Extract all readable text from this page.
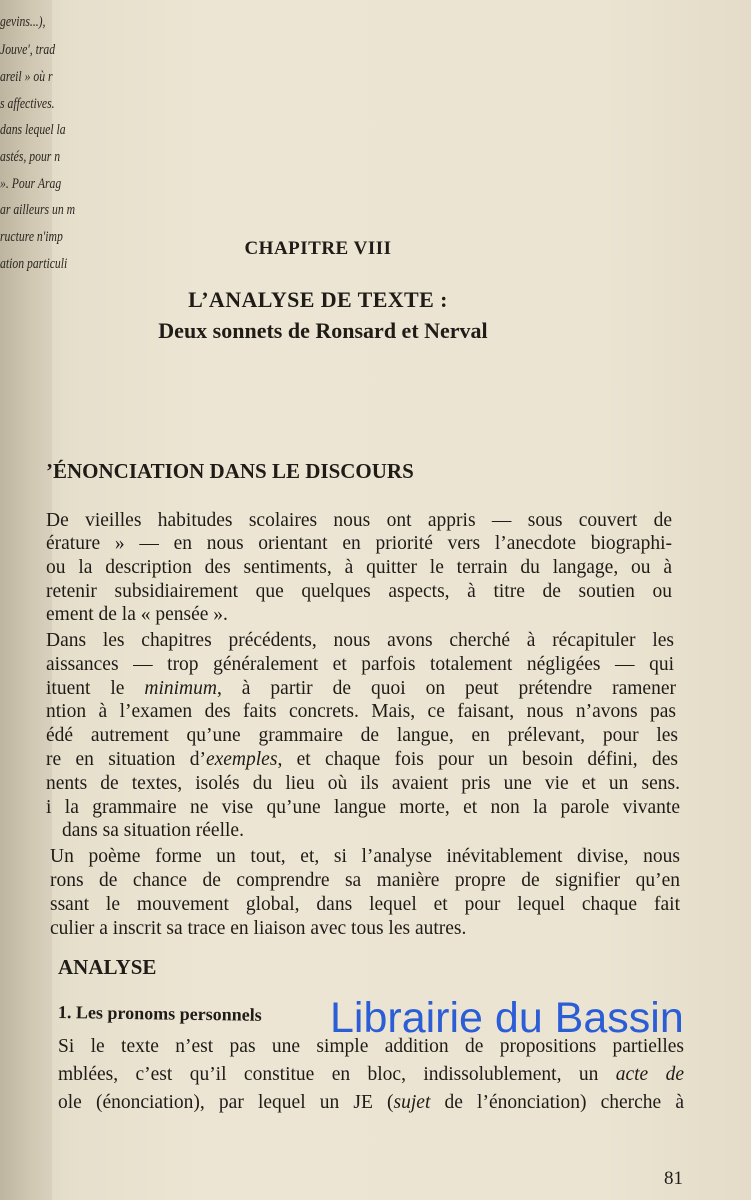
gevins...),
Jouve', trad
areil » où r
s affectives.
dans lequel la
astés, pour n
». Pour Arag
ar ailleurs un m
ructure n'imp
ation particuli
CHAPITRE VIII
L’ANALYSE DE TEXTE :
Deux sonnets de Ronsard et Nerval
’ÉNONCIATION DANS LE DISCOURS
De vieilles habitudes scolaires nous ont appris — sous couvert de
érature » — en nous orientant en priorité vers l’anecdote biographi-
ou la description des sentiments, à quitter le terrain du langage, ou à
retenir subsidiairement que quelques aspects, à titre de soutien ou
ement de la « pensée ».
Dans les chapitres précédents, nous avons cherché à récapituler les
aissances — trop généralement et parfois totalement négligées — qui
ituent le minimum, à partir de quoi on peut prétendre ramener
ntion à l’examen des faits concrets. Mais, ce faisant, nous n’avons pas
édé autrement qu’une grammaire de langue, en prélevant, pour les
re en situation d’exemples, et chaque fois pour un besoin défini, des
nents de textes, isolés du lieu où ils avaient pris une vie et un sens.
i la grammaire ne vise qu’une langue morte, et non la parole vivante
dans sa situation réelle.
Un poème forme un tout, et, si l’analyse inévitablement divise, nous
rons de chance de comprendre sa manière propre de signifier qu’en
ssant le mouvement global, dans lequel et pour lequel chaque fait
culier a inscrit sa trace en liaison avec tous les autres.
ANALYSE
1. Les pronoms personnels
Si le texte n’est pas une simple addition de propositions partielles
mblées, c’est qu’il constitue en bloc, indissolublement, un acte de
ole (énonciation), par lequel un JE (sujet de l’énonciation) cherche à
Librairie du Bassin
81
